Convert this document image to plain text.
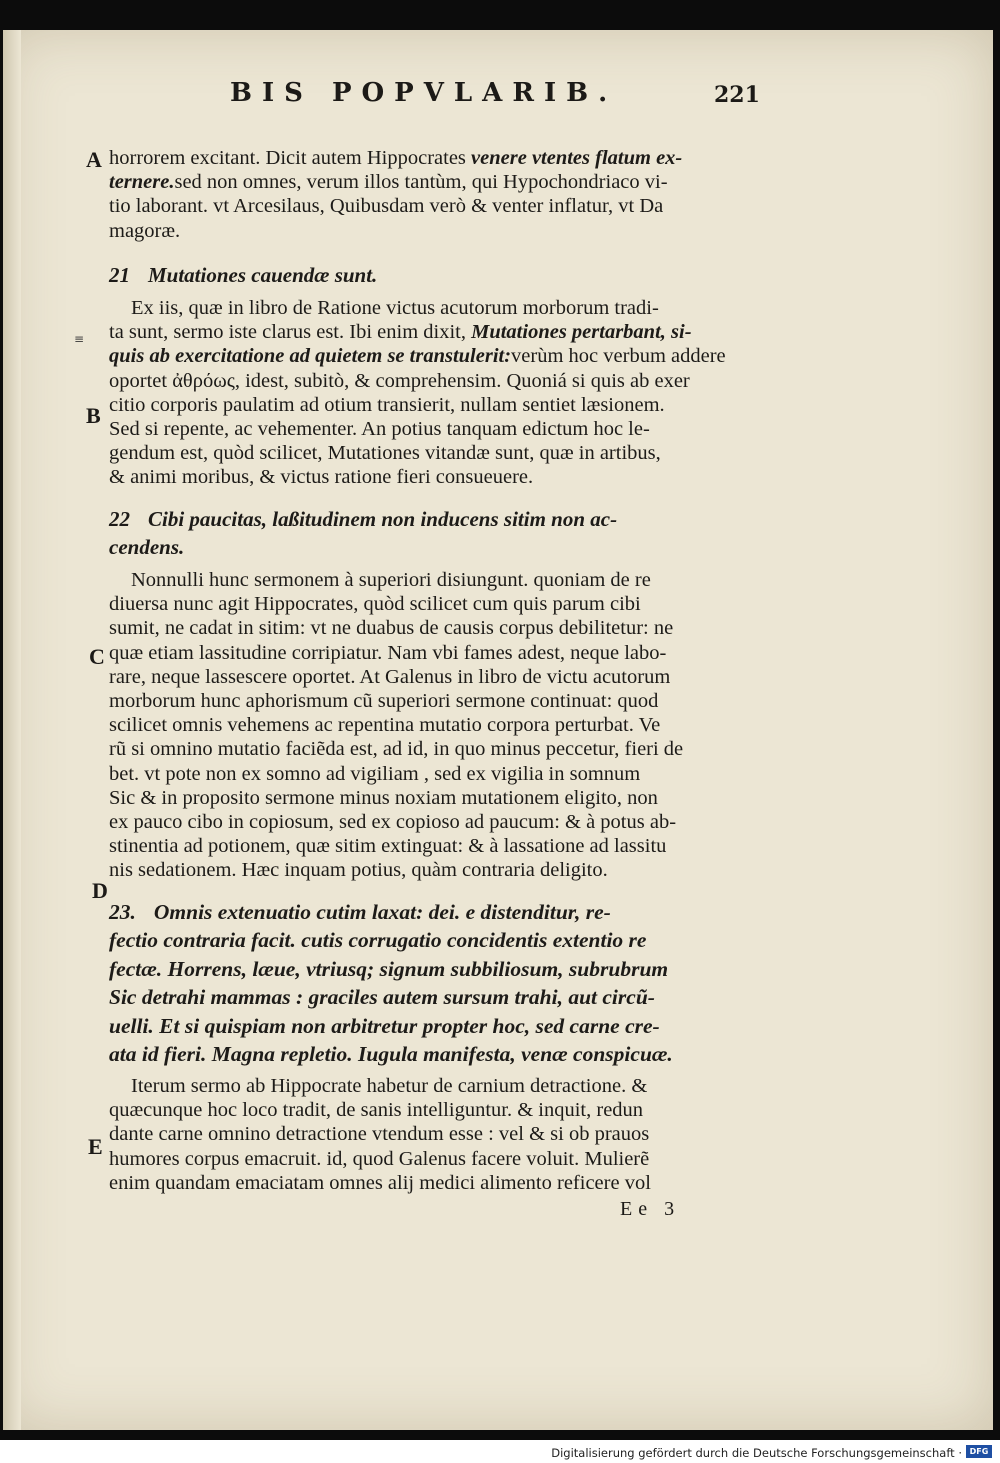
BIS POPVLARIB.	221
A
≡
B
C
D
E

horrorem excitant. Dicit autem Hippocrates venere vtentes flatum ex-
ternere.sed non omnes, verum illos tantùm, qui Hypochondriaco vi-
tio laborant. vt Arcesilaus, Quibusdam verò & venter inflatur, vt Da
magoræ.

21 Mutationes cauendæ sunt.

Ex iis, quæ in libro de Ratione victus acutorum morborum tradi-
ta sunt, sermo iste clarus est. Ibi enim dixit, Mutationes pertarbant, si-
quis ab exercitatione ad quietem se transtulerit:verùm hoc verbum addere
oportet ἀθρόως, idest, subitò, & comprehensim. Quoniá si quis ab exer
citio corporis paulatim ad otium transierit, nullam sentiet læsionem.
Sed si repente, ac vehementer. An potius tanquam edictum hoc le-
gendum est, quòd scilicet, Mutationes vitandæ sunt, quæ in artibus,
& animi moribus, & victus ratione fieri consueuere.

22 Cibi paucitas, laßitudinem non inducens sitim non ac-
cendens.

Nonnulli hunc sermonem à superiori disiungunt. quoniam de re
diuersa nunc agit Hippocrates, quòd scilicet cum quis parum cibi
sumit, ne cadat in sitim: vt ne duabus de causis corpus debilitetur: ne
quæ etiam lassitudine corripiatur. Nam vbi fames adest, neque labo-
rare, neque lassescere oportet. At Galenus in libro de victu acutorum
morborum hunc aphorismum cũ superiori sermone continuat: quod
scilicet omnis vehemens ac repentina mutatio corpora perturbat. Ve
rũ si omnino mutatio faciẽda est, ad id, in quo minus peccetur, fieri de
bet. vt pote non ex somno ad vigiliam , sed ex vigilia in somnum
Sic & in proposito sermone minus noxiam mutationem eligito, non
ex pauco cibo in copiosum, sed ex copioso ad paucum: & à potus ab-
stinentia ad potionem, quæ sitim extinguat: & à lassatione ad lassitu
nis sedationem. Hæc inquam potius, quàm contraria deligito.

23. Omnis extenuatio cutim laxat: dei. e distenditur, re-
fectio contraria facit. cutis corrugatio concidentis extentio re
fectæ. Horrens, læue, vtriusq; signum subbiliosum, subrubrum
Sic detrahi mammas : graciles autem sursum trahi, aut circũ-
uelli. Et si quispiam non arbitretur propter hoc, sed carne cre-
ata id fieri. Magna repletio. Iugula manifesta, venæ conspicuæ.

Iterum sermo ab Hippocrate habetur de carnium detractione. &
quæcunque hoc loco tradit, de sanis intelliguntur. & inquit, redun
dante carne omnino detractione vtendum esse : vel & si ob prauos
humores corpus emacruit. id, quod Galenus facere voluit. Mulierẽ
enim quandam emaciatam omnes alij medici alimento reficere vol

Ee 3
Digitalisierung gefördert durch die Deutsche Forschungsgemeinschaft · DFG
